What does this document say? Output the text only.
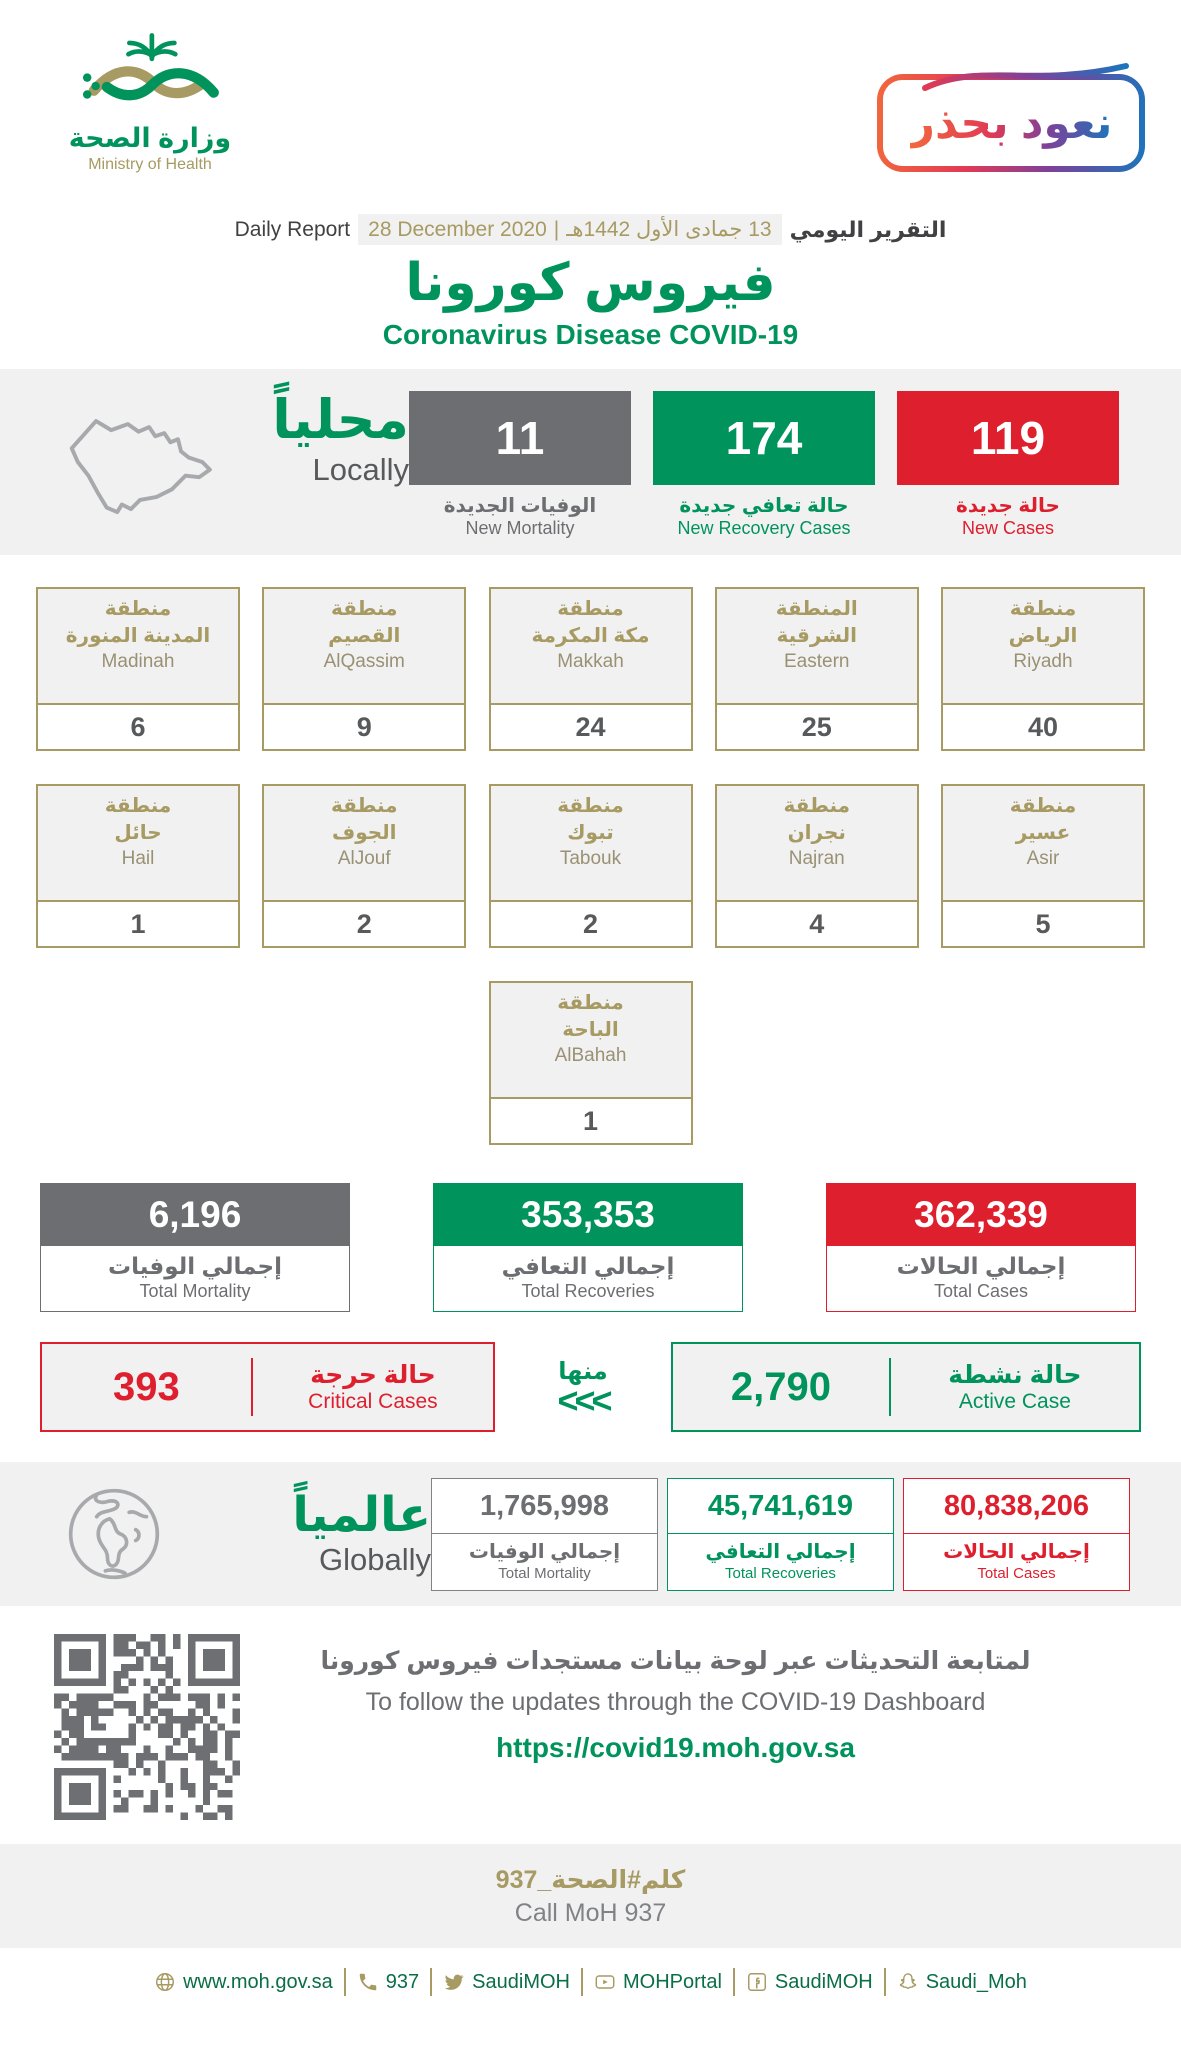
وزارة الصحة
Ministry of Health
نعود بحذر
Daily Report 28 December 2020 | 13 جمادى الأول 1442هـ التقرير اليومي
فيروس كورونا
Coronavirus Disease COVID-19
محلياً
Locally
11
الوفيات الجديدة
New Mortality
174
حالة تعافي جديدة
New Recovery Cases
119
حالة جديدة
New Cases
منطقة
المدينة المنورة
Madinah
6
منطقة
القصيم
AlQassim
9
منطقة
مكة المكرمة
Makkah
24
المنطقة
الشرقية
Eastern
25
منطقة
الرياض
Riyadh
40
منطقة
حائل
Hail
1
منطقة
الجوف
AlJouf
2
منطقة
تبوك
Tabouk
2
منطقة
نجران
Najran
4
منطقة
عسير
Asir
5
منطقة
الباحة
AlBahah
1
6,196
إجمالي الوفيات
Total Mortality
353,353
إجمالي التعافي
Total Recoveries
362,339
إجمالي الحالات
Total Cases
393	حالة حرجة
Critical Cases
منها
<<<	2,790	حالة نشطة
Active Case
عالمياً
Globally
1,765,998
إجمالي الوفيات
Total Mortality
45,741,619
إجمالي التعافي
Total Recoveries
80,838,206
إجمالي الحالات
Total Cases
لمتابعة التحديثات عبر لوحة بيانات مستجدات فيروس كورونا
To follow the updates through the COVID-19 Dashboard
https://covid19.moh.gov.sa
كلم#الصحة_937
Call MoH 937
www.moh.gov.sa	937	SaudiMOH	MOHPortal	SaudiMOH	Saudi_Moh
